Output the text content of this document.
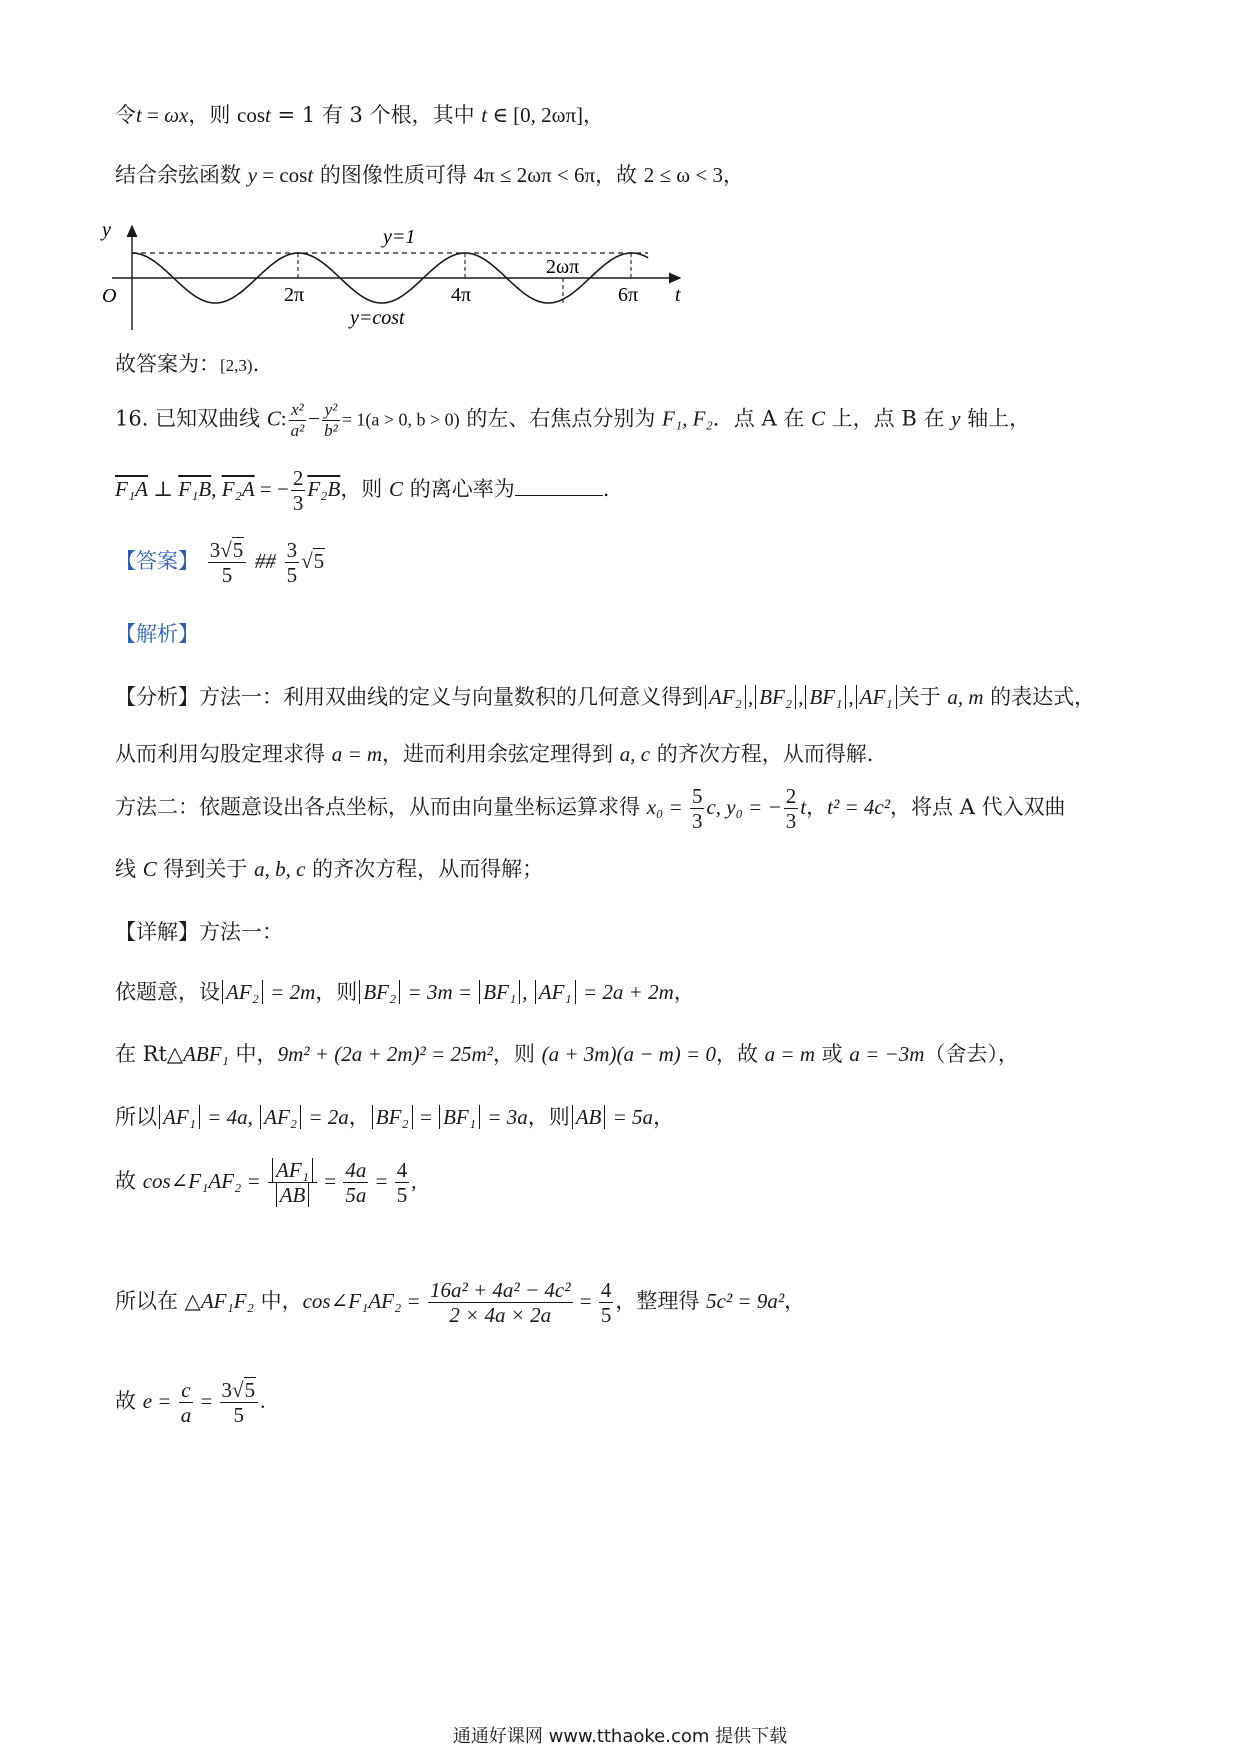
令t = ωx，则 cost = 1 有 3 个根，其中 t ∈ [0, 2ωπ]，
结合余弦函数 y = cost 的图像性质可得 4π ≤ 2ωπ < 6π，故 2 ≤ ω < 3，
y
t
O	2π	4π	6π
y=1
2ωπ
y=cost
故答案为：[2,3).
16. 已知双曲线 C: $\frac{\text{x²}}{\text{a²}} - \frac{\text{y²}}{\text{b²}} = 1(a > 0$, b > 0) 的左、右焦点分别为 F₁, F₂．点 A 在 C 上，点 B 在 y 轴上，
F₁A ⊥ F₁B, F₂A = − $\frac{2}{3} F_2B$，则 C 的离心率为	.
【答案】 $\frac{3√5}{5}$ ## $\frac{3}{5} √5$
【解析】
【分析】方法一：利用双曲线的定义与向量数积的几何意义得到 AF₂ , BF₂ , BF₁ , AF₁ 关于 a, m 的表达式，
从而利用勾股定理求得 a = m，进而利用余弦定理得到 a, c 的齐次方程，从而得解.
方法二：依题意设出各点坐标，从而由向量坐标运算求得 $x_0 = \frac{5}{3} c$, y₀ = − $\frac{2}{3}$ t，t² = 4c²，将点 A 代入双曲
线 C 得到关于 a, b, c 的齐次方程，从而得解；
【详解】方法一：
依题意，设 AF₂ = 2m，则 BF₂ = 3m = BF₁ , AF₁ = 2a + 2m，
在 Rt△ABF₁ 中，9m² + (2a + 2m)² = 25m²，则 (a + 3m)(a − m) = 0，故 a = m 或 a = −3m（舍去），
所以 AF₁ = 4a, AF₂ = 2a， BF₂ = BF₁ = 3a，则 AB = 5a，
故 cos∠F₁AF₂ = $\frac{\text{AF₁}}{AB} = \frac{4a}{5a} = \frac{4}{5}$ ,
所以在 △AF₁F₂ 中，cos∠F₁AF₂ = $\frac{\text{16a² + 4a² − 4c²}}{2 \times 4a \times 2a} = \frac{4}{5}$ ，整理得 5c² = 9a²，
故 $e = \frac{c}{a} = \frac{3√5}{5}$ .
通通好课网 www.tthaoke.com 提供下载
